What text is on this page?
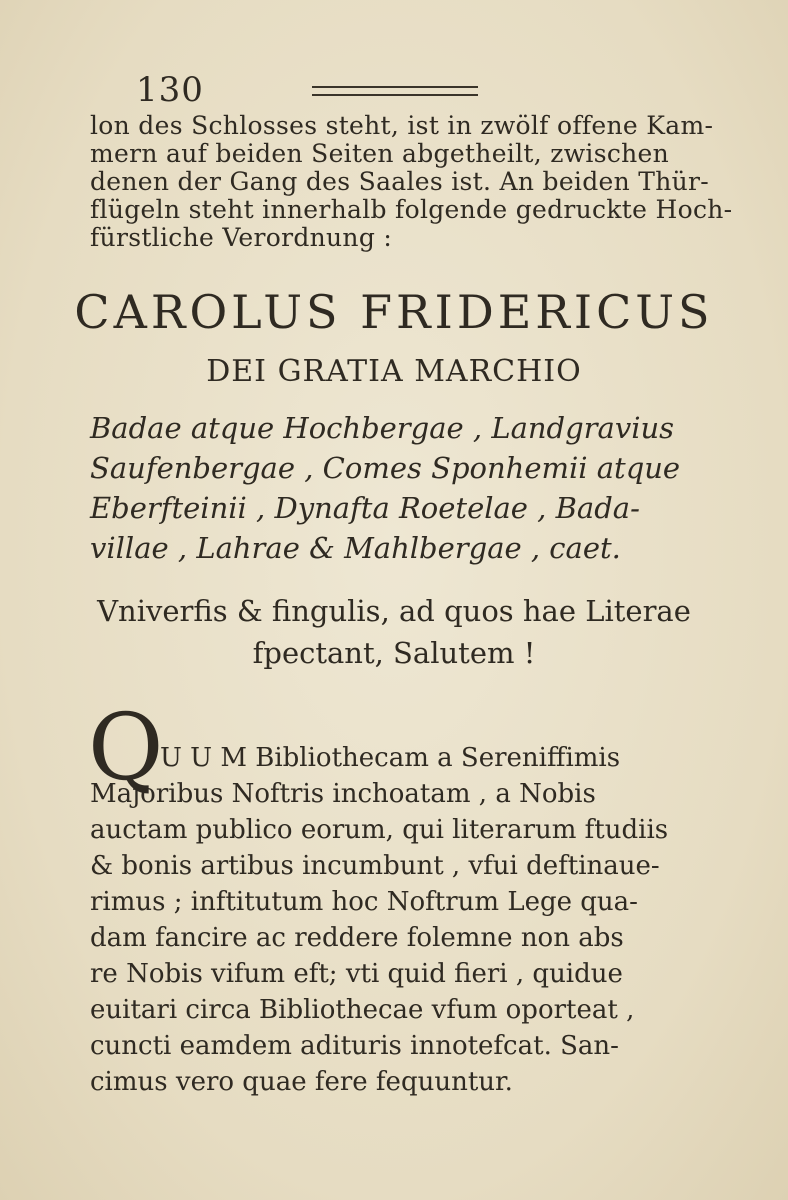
130
lon des Schlosses steht, ist in zwölf offene Kam-
mern auf beiden Seiten abgetheilt, zwischen
denen der Gang des Saales ist. An beiden Thür-
flügeln steht innerhalb folgende gedruckte Hoch-
fürstliche Verordnung :
CAROLUS FRIDERICUS
DEI GRATIA MARCHIO
Badae atque Hochbergae , Landgravius
Saufenbergae , Comes Sponhemii atque
Eberfteinii , Dynafta Roetelae , Bada-
villae , Lahrae & Mahlbergae , caet.
Vniverfis & fingulis, ad quos hae Literae
fpectant, Salutem !
Q
U U M Bibliothecam a Sereniffimis
Majoribus Noftris inchoatam , a Nobis
auctam publico eorum, qui literarum ftudiis
& bonis artibus incumbunt , vfui deftinaue-
rimus ; inftitutum hoc Noftrum Lege qua-
dam fancire ac reddere folemne non abs
re Nobis vifum eft; vti quid fieri , quidue
euitari circa Bibliothecae vfum oporteat ,
cuncti eamdem adituris innotefcat. San-
cimus vero quae fere fequuntur.
